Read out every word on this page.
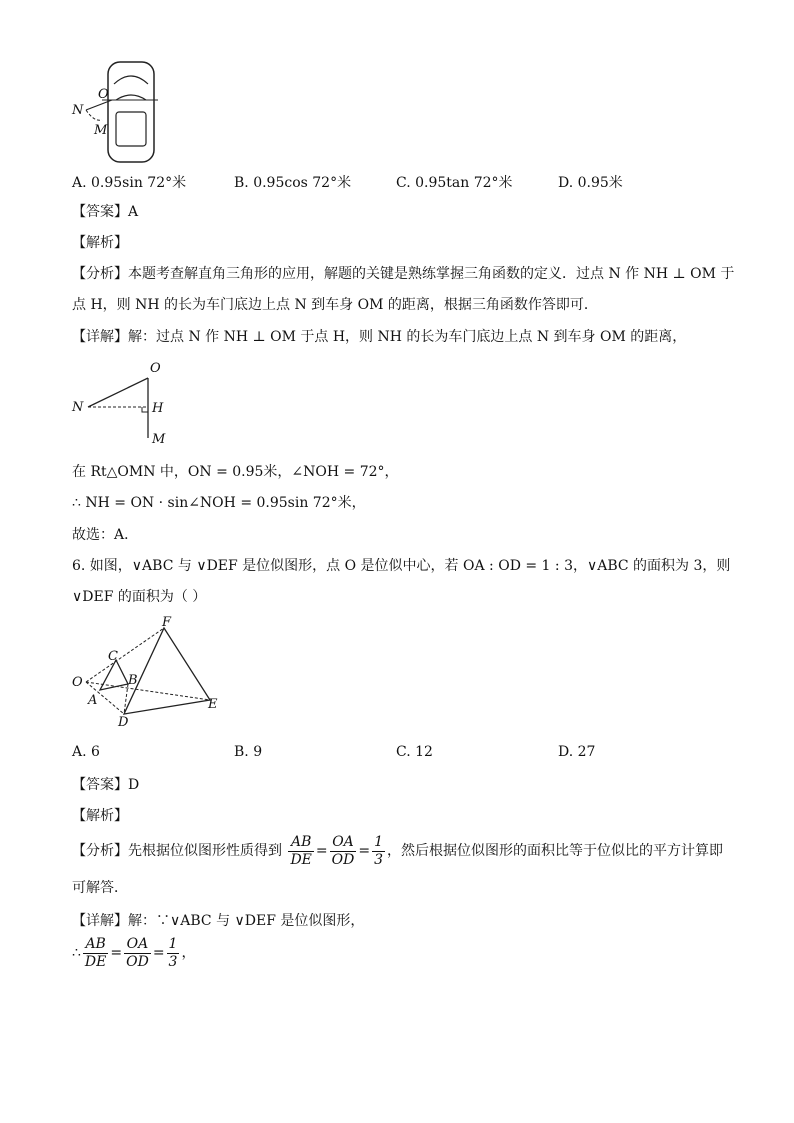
O
N
M
A. 0.95sin 72°米	B. 0.95cos 72°米	C. 0.95tan 72°米	D. 0.95米
【答案】A
【解析】
【分析】本题考查解直角三角形的应用，解题的关键是熟练掌握三角函数的定义．过点 N 作 NH ⊥ OM 于
点 H，则 NH 的长为车门底边上点 N 到车身 OM 的距离，根据三角函数作答即可．
【详解】解：过点 N 作 NH ⊥ OM 于点 H，则 NH 的长为车门底边上点 N 到车身 OM 的距离，
O
N	H
M
在 Rt△OMN 中，ON = 0.95米，∠NOH = 72°，
∴ NH = ON · sin∠NOH = 0.95sin 72°米，
故选：A．
6. 如图，∨ABC 与 ∨DEF 是位似图形，点 O 是位似中心，若 OA : OD = 1 : 3，∨ABC 的面积为 3，则
∨DEF 的面积为（ ）
F
C
O	B
A
D
E
A. 6	B. 9	C. 12	D. 27
【答案】D
【解析】
【分析】先根据位似图形性质得到 $\frac{AB}{DE} = \frac{OA}{OD} = \frac{1}{3}$ ，然后根据位似图形的面积比等于位似比的平方计算即
可解答．
【详解】解：∵∨ABC 与 ∨DEF 是位似图形，
∴ $\frac{AB}{DE} = \frac{OA}{OD} = \frac{1}{3}$ ，
